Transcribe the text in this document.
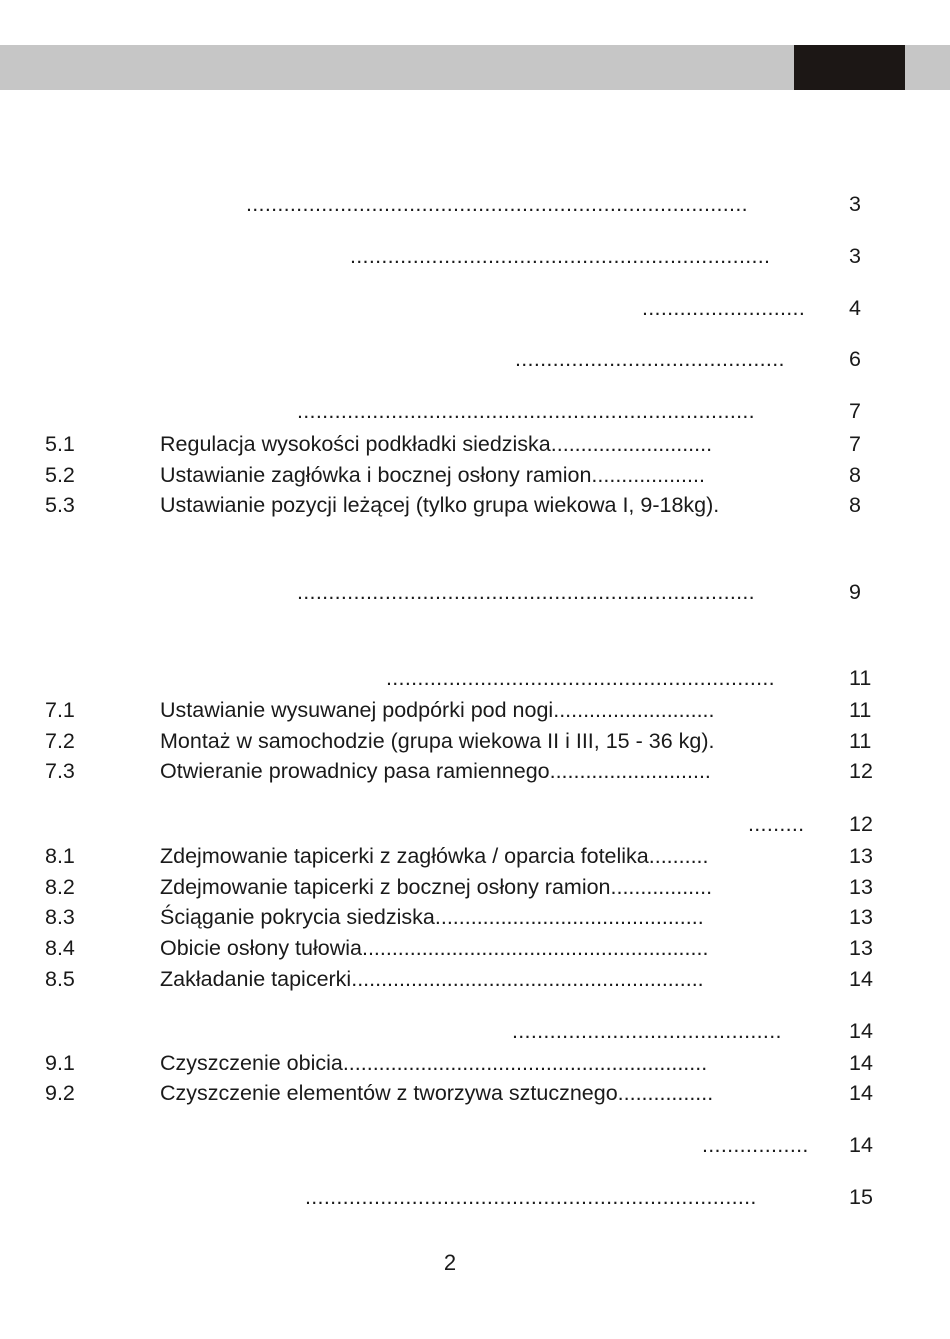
................................................................................	3
...................................................................	3
.......................... 4
...........................................	6
.........................................................................	7
5.1	Regulacja wysokości podkładki siedziska...........................	7
5.2	Ustawianie zagłówka i bocznej osłony ramion...................	8
5.3	Ustawianie pozycji leżącej (tylko grupa wiekowa I, 9-18kg).	8
.........................................................................	9
..............................................................	11
7.1	Ustawianie wysuwanej podpórki pod nogi...........................	11
7.2	Montaż w samochodzie (grupa wiekowa II i III, 15 - 36 kg).	11
7.3	Otwieranie prowadnicy pasa ramiennego...........................	12
......... 12
8.1	Zdejmowanie tapicerki z zagłówka / oparcia fotelika..........	13
8.2	Zdejmowanie tapicerki z bocznej osłony ramion.................	13
8.3	Ściąganie pokrycia siedziska.............................................	13
8.4	Obicie osłony tułowia..........................................................	13
8.5	Zakładanie tapicerki...........................................................	14
...........................................	14
9.1	Czyszczenie obicia.............................................................	14
9.2	Czyszczenie elementów z tworzywa sztucznego................	14
................. 14
........................................................................	15
2
